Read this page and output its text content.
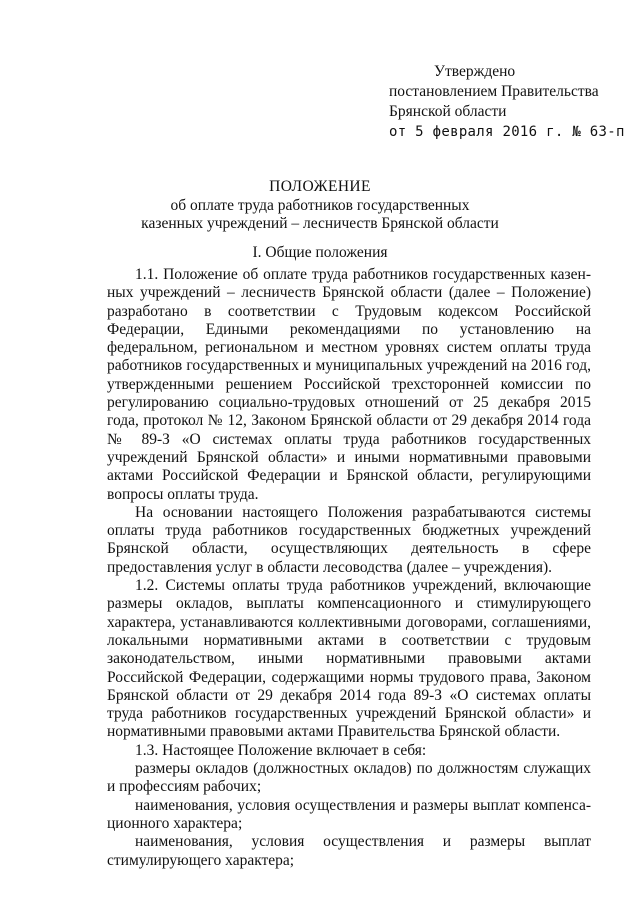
Утверждено
постановлением Правительства
Брянской области
от 5 февраля 2016 г. № 63-п
ПОЛОЖЕНИЕ
об оплате труда работников государственных
казенных учреждений – лесничеств Брянской области
I. Общие положения

1.1. Положение об оплате труда работников государственных казенных учреждений – лесничеств Брянской области (далее – Положение) разработано в соответствии с Трудовым кодексом Российской Федерации, Едиными рекомендациями по установлению на федеральном, региональном и местном уровнях систем оплаты труда работников государственных и муниципальных учреждений на 2016 год, утвержденными решением Российской трехсторонней комиссии по регулированию социально-трудовых отношений от 25 декабря 2015 года, протокол № 12, Законом Брянской области от 29 декабря 2014 года № 89-З «О системах оплаты труда работников государственных учреждений Брянской области» и иными нормативными правовыми актами Российской Федерации и Брянской области, регулирующими вопросы оплаты труда.

На основании настоящего Положения разрабатываются системы оплаты труда работников государственных бюджетных учреждений Брянской области, осуществляющих деятельность в сфере предоставления услуг в области лесоводства (далее – учреждения).

1.2. Системы оплаты труда работников учреждений, включающие размеры окладов, выплаты компенсационного и стимулирующего характера, устанавливаются коллективными договорами, соглашениями, локальными нормативными актами в соответствии с трудовым законодательством, иными нормативными правовыми актами Российской Федерации, содержащими нормы трудового права, Законом Брянской области от 29 декабря 2014 года 89-З «О системах оплаты труда работников государственных учреждений Брянской области» и нормативными правовыми актами Правительства Брянской области.

1.3. Настоящее Положение включает в себя:

размеры окладов (должностных окладов) по должностям служащих и профессиям рабочих;

наименования, условия осуществления и размеры выплат компенсационного характера;

наименования, условия осуществления и размеры выплат стимулирующего характера;
